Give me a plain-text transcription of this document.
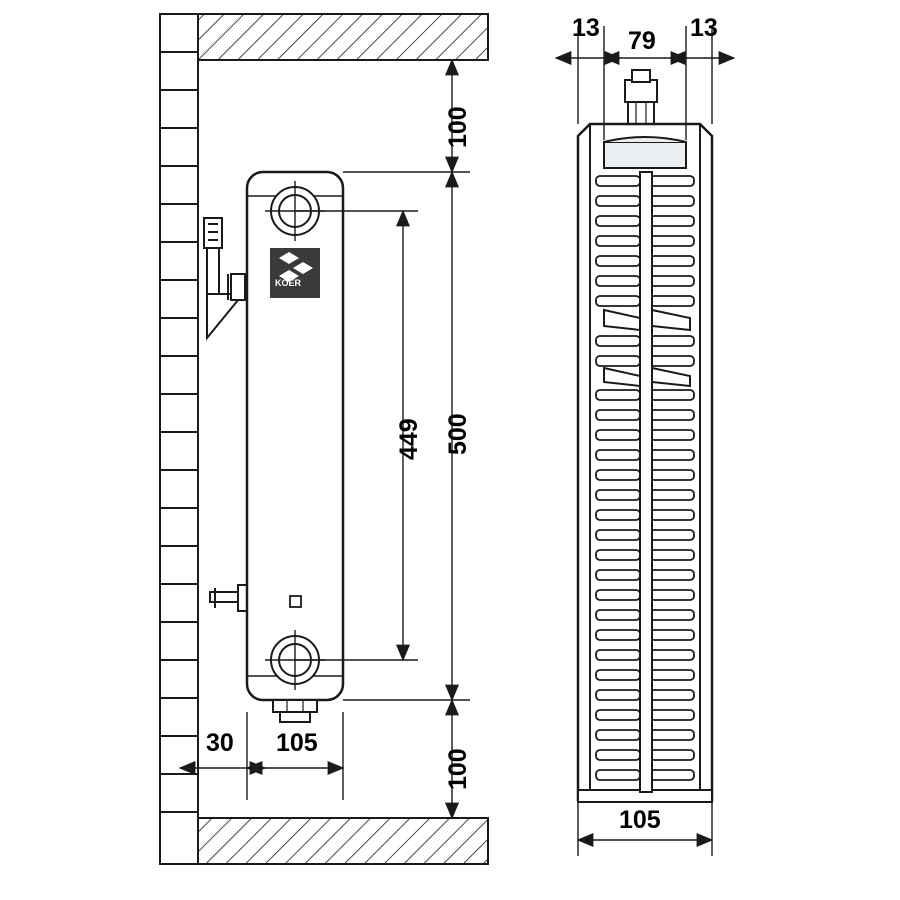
100
500
449
100
30 105
13 79 13
105
KOER
